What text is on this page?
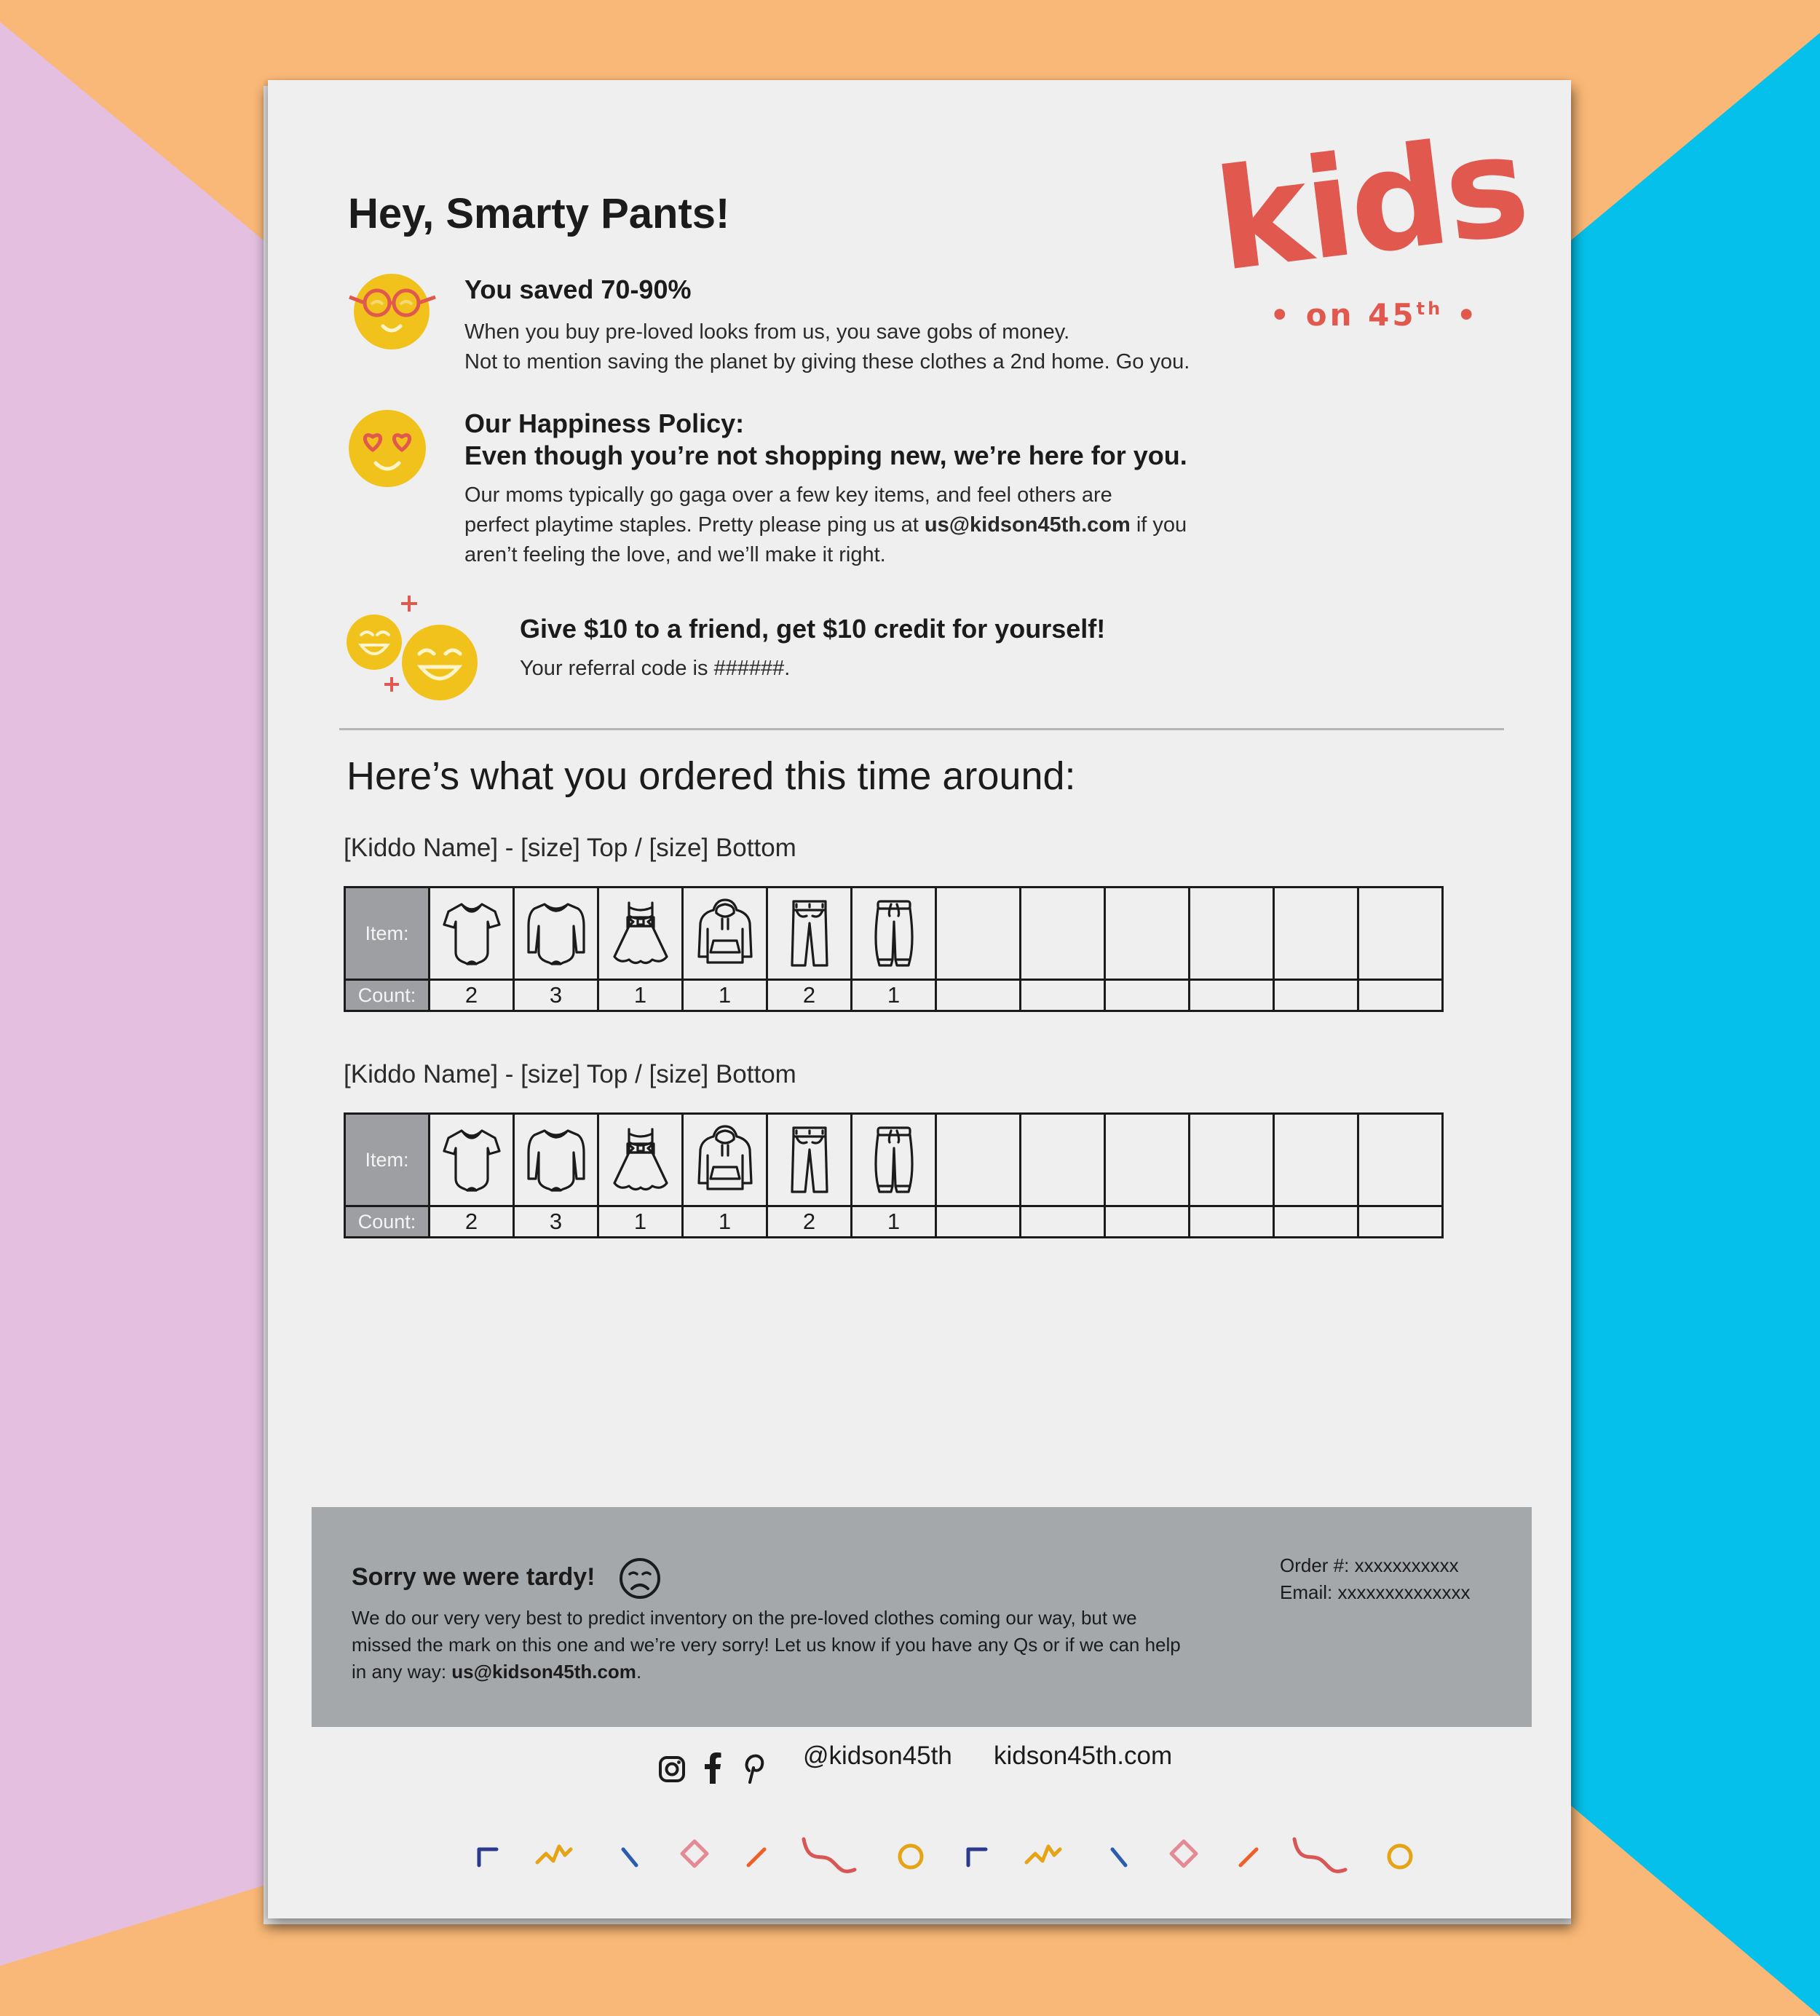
kids
• on 45th •
Hey, Smarty Pants!
You saved 70-90%
When you buy pre-loved looks from us, you save gobs of money.
Not to mention saving the planet by giving these clothes a 2nd home. Go you.
Our Happiness Policy:
Even though you’re not shopping new, we’re here for you.
Our moms typically go gaga over a few key items, and feel others are
perfect playtime staples. Pretty please ping us at us@kidson45th.com if you
aren’t feeling the love, and we’ll make it right.
Give $10 to a friend, get $10 credit for yourself!
Your referral code is ######.
Here’s what you ordered this time around:
[Kiddo Name] - [size] Top / [size] Bottom
Item:	

Count:	2	3	1	1	2	1						
[Kiddo Name] - [size] Top / [size] Bottom
Item:	

Count:	2	3	1	1	2	1						
Sorry we were tardy!
We do our very very best to predict inventory on the pre-loved clothes coming our way, but we
missed the mark on this one and we’re very sorry! Let us know if you have any Qs or if we can help
in any way: us@kidson45th.com.
Order #: xxxxxxxxxxx
Email: xxxxxxxxxxxxxx
@kidson45th kidson45th.com
